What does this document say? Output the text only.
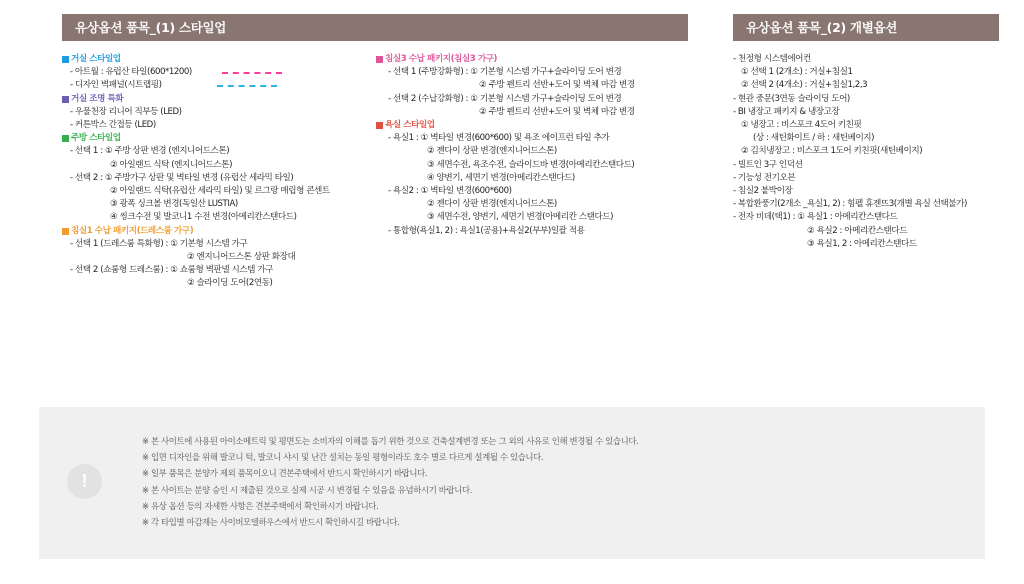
유상옵션 품목_(1) 스타일업	유상옵션 품목_(2) 개별옵션
거실 스타일업
- 아트월 : 유럽산 타일(600*1200)
- 디자인 벽패널(시트랩핑)
거실 조명 특화
- 우물천장 리니어 직부등 (LED)
- 커튼박스 간접등 (LED)
주방 스타일업
- 선택 1 : ① 주방 상판 변경 (엔지니어드스톤)
② 아일랜드 식탁 (엔지니어드스톤)
- 선택 2 : ① 주방가구 상판 및 벽타일 변경 (유럽산 세라믹 타일)
② 아일랜드 식탁(유럽산 세라믹 타일) 및 르그랑 매립형 콘센트
③ 광폭 싱크볼 변경(독일산 LUSTIA)
④ 씽크수전 및 발코니1 수전 변경(아메리칸스탠다드)
침실1 수납 패키지(드레스룸 가구)
- 선택 1 (드레스룸 특화형) : ① 기본형 시스템 가구
② 엔지니어드스톤 상판 화장대
- 선택 2 (쇼룸형 드레스룸) : ① 쇼룸형 벽판넬 시스템 가구
② 슬라이딩 도어(2연동)
침실3 수납 패키지(침실3 가구)
- 선택 1 (주방강화형) : ① 기본형 시스템 가구+슬라이딩 도어 변경
② 주방 펜트리 선반+도어 및 벽체 마감 변경
- 선택 2 (수납강화형) : ① 기본형 시스템 가구+슬라이딩 도어 변경
② 주방 펜트리 선반+도어 및 벽체 마감 변경
욕실 스타일업
- 욕실1 : ① 벽타일 변경(600*600) 및 욕조 에이프런 타일 추가
② 젠다이 상판 변경(엔지니어드스톤)
③ 세면수전, 욕조수전, 슬라이드바 변경(아메리칸스탠다드)
④ 양변기, 세면기 변경(아메리칸스탠다드)
- 욕실2 : ① 벽타일 변경(600*600)
② 젠다이 상판 변경(엔지니어드스톤)
③ 세면수전, 양변기, 세면기 변경(아메리칸 스탠다드)
- 통합형(욕실1, 2) : 욕실1(공용)+욕실2(부부)일괄 적용
- 천정형 시스템에어컨
① 선택 1 (2개소) : 거실+침실1
② 선택 2 (4개소) : 거실+침실1,2,3
- 현관 중문(3연동 슬라이딩 도어)
- BI 냉장고 패키지 & 냉장고장
① 냉장고 : 비스포크 4도어 키친핏
(상 : 새틴화이트 / 하 : 새틴베이지)
② 김치냉장고 : 비스포크 1도어 키친핏(새틴베이지)
- 빌트인 3구 인덕션
- 기능성 전기오븐
- 침실2 붙박이장
- 복합환풍기(2개소 _욕실1, 2) : 힘펠 휴젠뜨3(개별 욕실 선택불가)
- 전자 비데(택1) : ① 욕실1 : 아메리칸스탠다드
② 욕실2 : 아메리칸스탠다드
③ 욕실1, 2 : 아메리칸스탠다드
!
※ 본 사이트에 사용된 아이소메트릭 및 평면도는 소비자의 이해를 돕기 위한 것으로 건축설계변경 또는 그 외의 사유로 인해 변경될 수 있습니다.
※ 입면 디자인을 위해 발코니 턱, 발코니 샤시 및 난간 설치는 동일 평형이라도 호수 별로 다르게 설계될 수 있습니다.
※ 일부 품목은 분양가 제외 품목이오니 견본주택에서 반드시 확인하시기 바랍니다.
※ 본 사이트는 분양 승인 시 제출된 것으로 실제 시공 시 변경될 수 있음을 유념하시기 바랍니다.
※ 유상 옵션 등의 자세한 사항은 견본주택에서 확인하시기 바랍니다.
※ 각 타입별 마감재는 사이버모델하우스에서 반드시 확인하시길 바랍니다.
